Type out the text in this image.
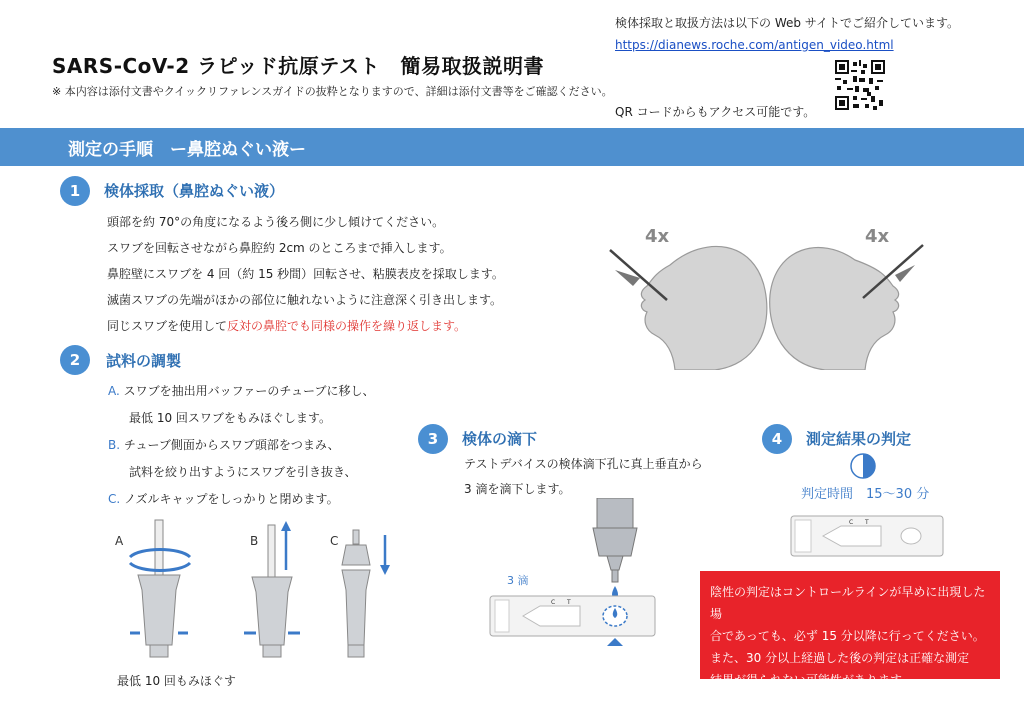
SARS-CoV-2 ラピッド抗原テスト　簡易取扱説明書
※ 本内容は添付文書やクイックリファレンスガイドの抜粋となりますので、詳細は添付文書等をご確認ください。
検体採取と取扱方法は以下の Web サイトでご紹介しています。
https://dianews.roche.com/antigen_video.html
QR コードからもアクセス可能です。
測定の手順　ー鼻腔ぬぐい液ー
1 検体採取（鼻腔ぬぐい液）
頭部を約 70°の角度になるよう後ろ側に少し傾けてください。
スワブを回転させながら鼻腔約 2cm のところまで挿入します。
鼻腔壁にスワブを 4 回（約 15 秒間）回転させ、粘膜表皮を採取します。
滅菌スワブの先端がほかの部位に触れないように注意深く引き出します。
同じスワブを使用して反対の鼻腔でも同様の操作を繰り返します。
4x	4x
2 試料の調製
A. スワブを抽出用バッファーのチューブに移し、
最低 10 回スワブをもみほぐします。
B. チューブ側面からスワブ頭部をつまみ、
試料を絞り出すようにスワブを引き抜き、
C. ノズルキャップをしっかりと閉めます。
A	B	C
最低 10 回もみほぐす
3 検体の滴下
テストデバイスの検体滴下孔に真上垂直から
3 滴を滴下します。
3 滴
C T
4 測定結果の判定
判定時間　15〜30 分
C T
陰性の判定はコントロールラインが早めに出現した場
合であっても、必ず 15 分以降に行ってください。
また、30 分以上経過した後の判定は正確な測定
結果が得られない可能性があります。
